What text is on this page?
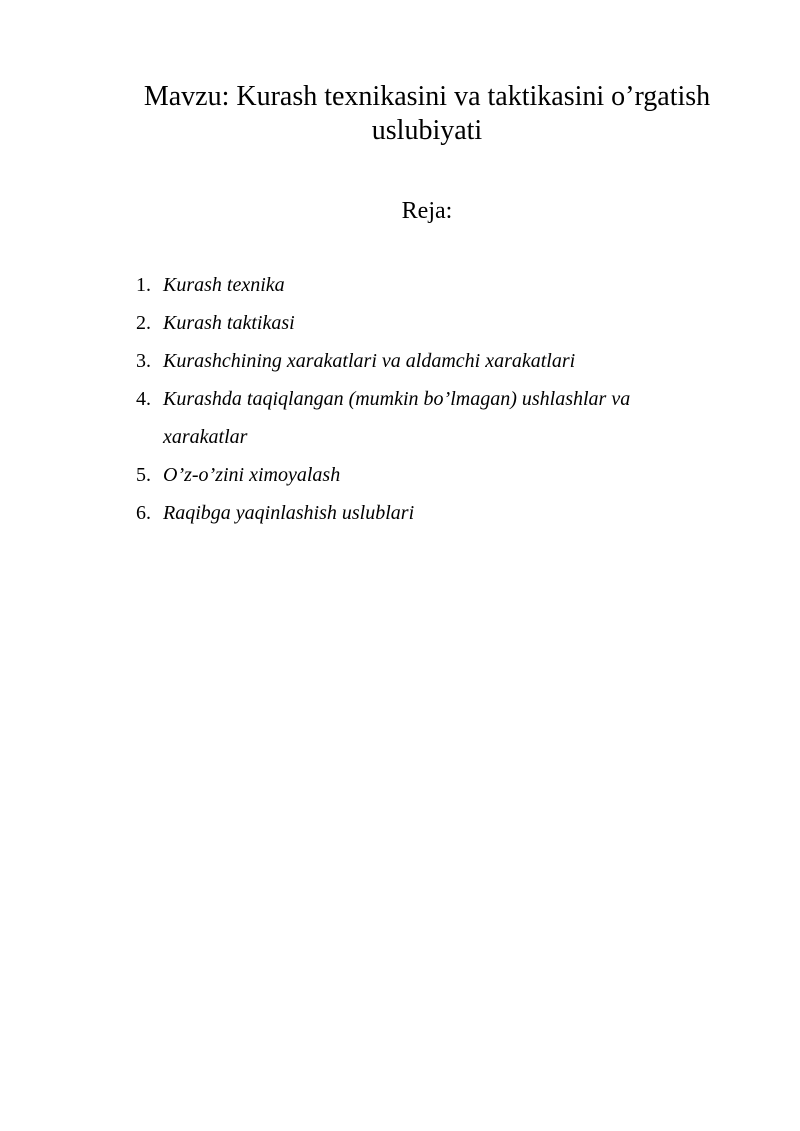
Mavzu: Kurash texnikasini va taktikasini o’rgatish uslubiyati
Reja:
1. Kurash texnika
2. Kurash taktikasi
3. Kurashchining xarakatlari va aldamchi xarakatlari
4. Kurashda taqiqlangan (mumkin bo’lmagan) ushlashlar va xarakatlar
5. O’z-o’zini ximoyalash
6. Raqibga yaqinlashish uslublari
